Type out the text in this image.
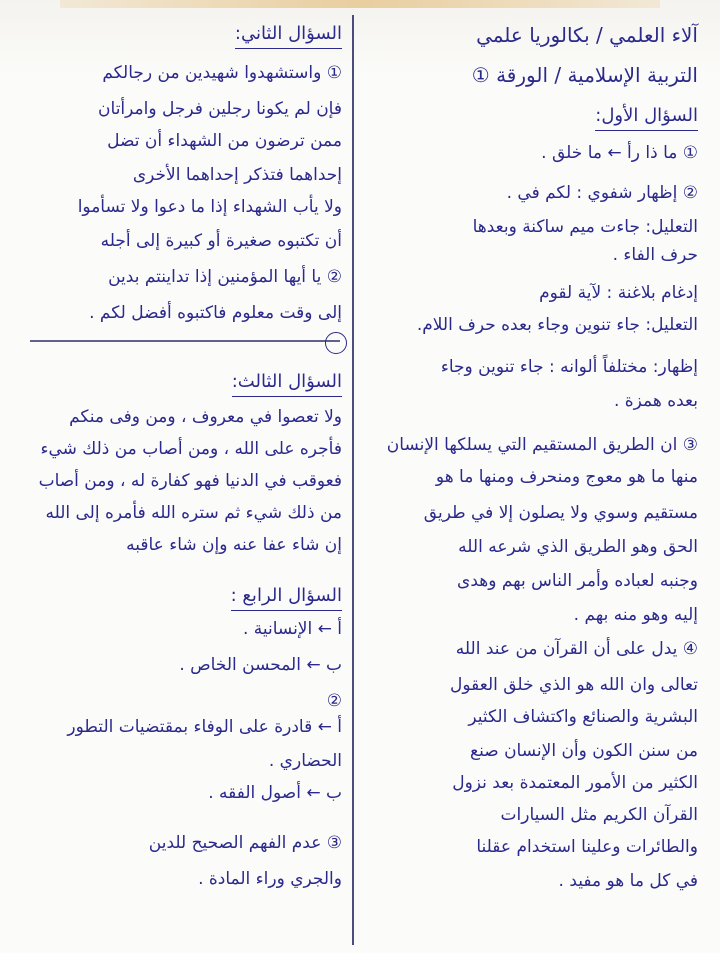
آلاء العلمي / بكالوريا علمي
التربية الإسلامية / الورقة ①
السؤال الأول:
① ما ذا رأ ← ما خلق .
② إظهار شفوي : لكم في .
التعليل: جاءت ميم ساكنة وبعدها
حرف الفاء .
إدغام بلاغنة : لآية لقوم
التعليل: جاء تنوين وجاء بعده حرف اللام.
إظهار: مختلفاً ألوانه : جاء تنوين وجاء
بعده همزة .
③ ان الطريق المستقيم التي يسلكها الإنسان
منها ما هو معوج ومنحرف ومنها ما هو
مستقيم وسوي ولا يصلون إلا في طريق
الحق وهو الطريق الذي شرعه الله
وجنبه لعباده وأمر الناس بهم وهدى
إليه وهو منه بهم .
④ يدل على أن القرآن من عند الله
تعالى وان الله هو الذي خلق العقول
البشرية والصنائع واكتشاف الكثير
من سنن الكون وأن الإنسان صنع
الكثير من الأمور المعتمدة بعد نزول
القرآن الكريم مثل السيارات
والطائرات وعلينا استخدام عقلنا
في كل ما هو مفيد .
السؤال الثاني:
① واستشهدوا شهيدين من رجالكم
فإن لم يكونا رجلين فرجل وامرأتان
ممن ترضون من الشهداء أن تضل
إحداهما فتذكر إحداهما الأخرى
ولا يأب الشهداء إذا ما دعوا ولا تسأموا
أن تكتبوه صغيرة أو كبيرة إلى أجله
② يا أيها المؤمنين إذا تداينتم بدين
إلى وقت معلوم فاكتبوه أفضل لكم .
السؤال الثالث:
ولا تعصوا في معروف ، ومن وفى منكم
فأجره على الله ، ومن أصاب من ذلك شيء
فعوقب في الدنيا فهو كفارة له ، ومن أصاب
من ذلك شيء ثم ستره الله فأمره إلى الله
إن شاء عفا عنه وإن شاء عاقبه
السؤال الرابع :
أ ← الإنسانية .
ب ← المحسن الخاص .
②
أ ← قادرة على الوفاء بمقتضيات التطور
الحضاري .
ب ← أصول الفقه .
③ عدم الفهم الصحيح للدين
والجري وراء المادة .
